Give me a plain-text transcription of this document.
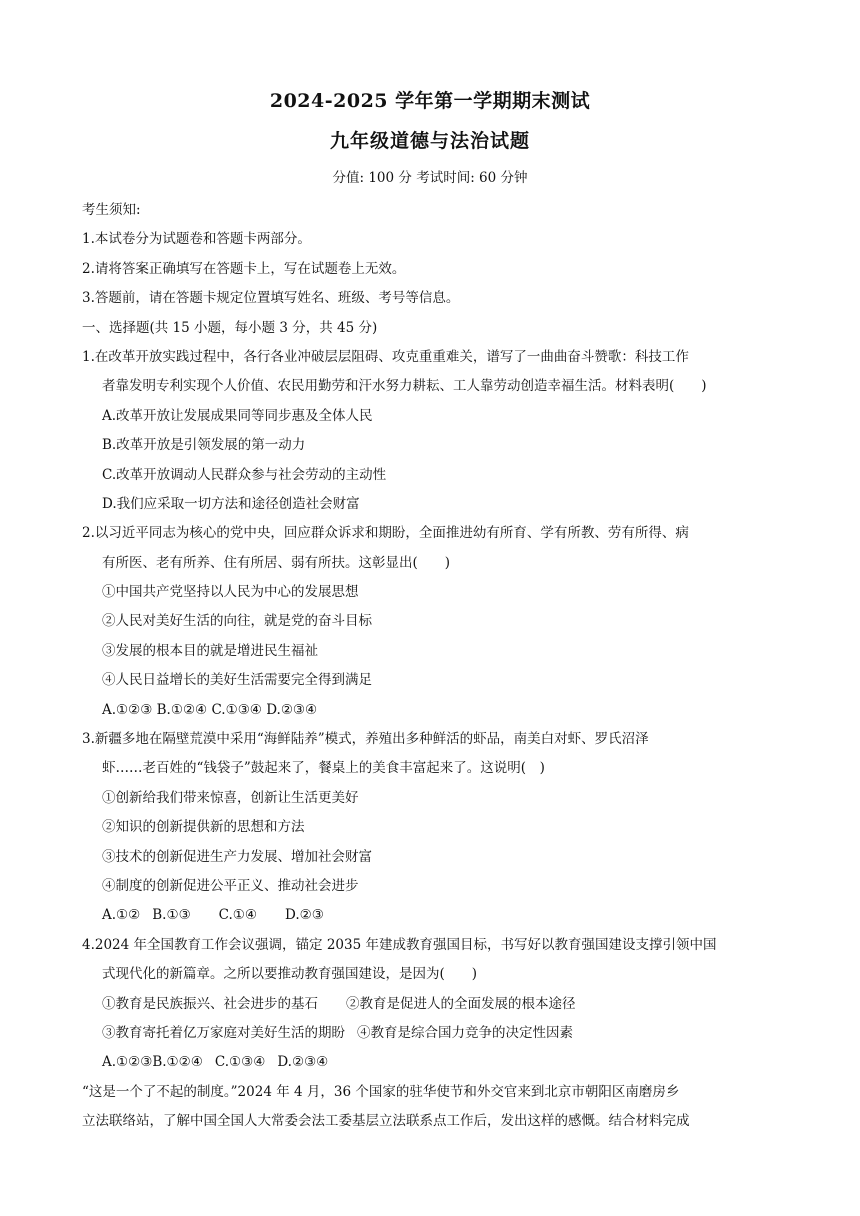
2024-2025 学年第一学期期末测试
九年级道德与法治试题
分值: 100 分 考试时间: 60 分钟
考生须知:
1.本试卷分为试题卷和答题卡两部分。
2.请将答案正确填写在答题卡上，写在试题卷上无效。
3.答题前，请在答题卡规定位置填写姓名、班级、考号等信息。
一、选择题(共 15 小题，每小题 3 分，共 45 分)
1.在改革开放实践过程中，各行各业冲破层层阻碍、攻克重重难关，谱写了一曲曲奋斗赞歌：科技工作
者靠发明专利实现个人价值、农民用勤劳和汗水努力耕耘、工人靠劳动创造幸福生活。材料表明(　　)
A.改革开放让发展成果同等同步惠及全体人民
B.改革开放是引领发展的第一动力
C.改革开放调动人民群众参与社会劳动的主动性
D.我们应采取一切方法和途径创造社会财富
2.以习近平同志为核心的党中央，回应群众诉求和期盼，全面推进幼有所育、学有所教、劳有所得、病
有所医、老有所养、住有所居、弱有所扶。这彰显出(　　)
①中国共产党坚持以人民为中心的发展思想
②人民对美好生活的向往，就是党的奋斗目标
③发展的根本目的就是增进民生福祉
④人民日益增长的美好生活需要完全得到满足
A.①②③ B.①②④ C.①③④ D.②③④
3.新疆多地在隔壁荒漠中采用“海鲜陆养”模式，养殖出多种鲜活的虾品，南美白对虾、罗氏沼泽
虾……老百姓的“钱袋子”鼓起来了，餐桌上的美食丰富起来了。这说明(　)
①创新给我们带来惊喜，创新让生活更美好
②知识的创新提供新的思想和方法
③技术的创新促进生产力发展、增加社会财富
④制度的创新促进公平正义、推动社会进步
A.①② B.①③ C.①④ D.②③
4.2024 年全国教育工作会议强调，锚定 2035 年建成教育强国目标，书写好以教育强国建设支撑引领中国
式现代化的新篇章。之所以要推动教育强国建设，是因为(　　)
①教育是民族振兴、社会进步的基石 ②教育是促进人的全面发展的根本途径
③教育寄托着亿万家庭对美好生活的期盼 ④教育是综合国力竞争的决定性因素
A.①②③B.①②④ C.①③④ D.②③④
“这是一个了不起的制度。”2024 年 4 月，36 个国家的驻华使节和外交官来到北京市朝阳区南磨房乡
立法联络站，了解中国全国人大常委会法工委基层立法联系点工作后，发出这样的感慨。结合材料完成
